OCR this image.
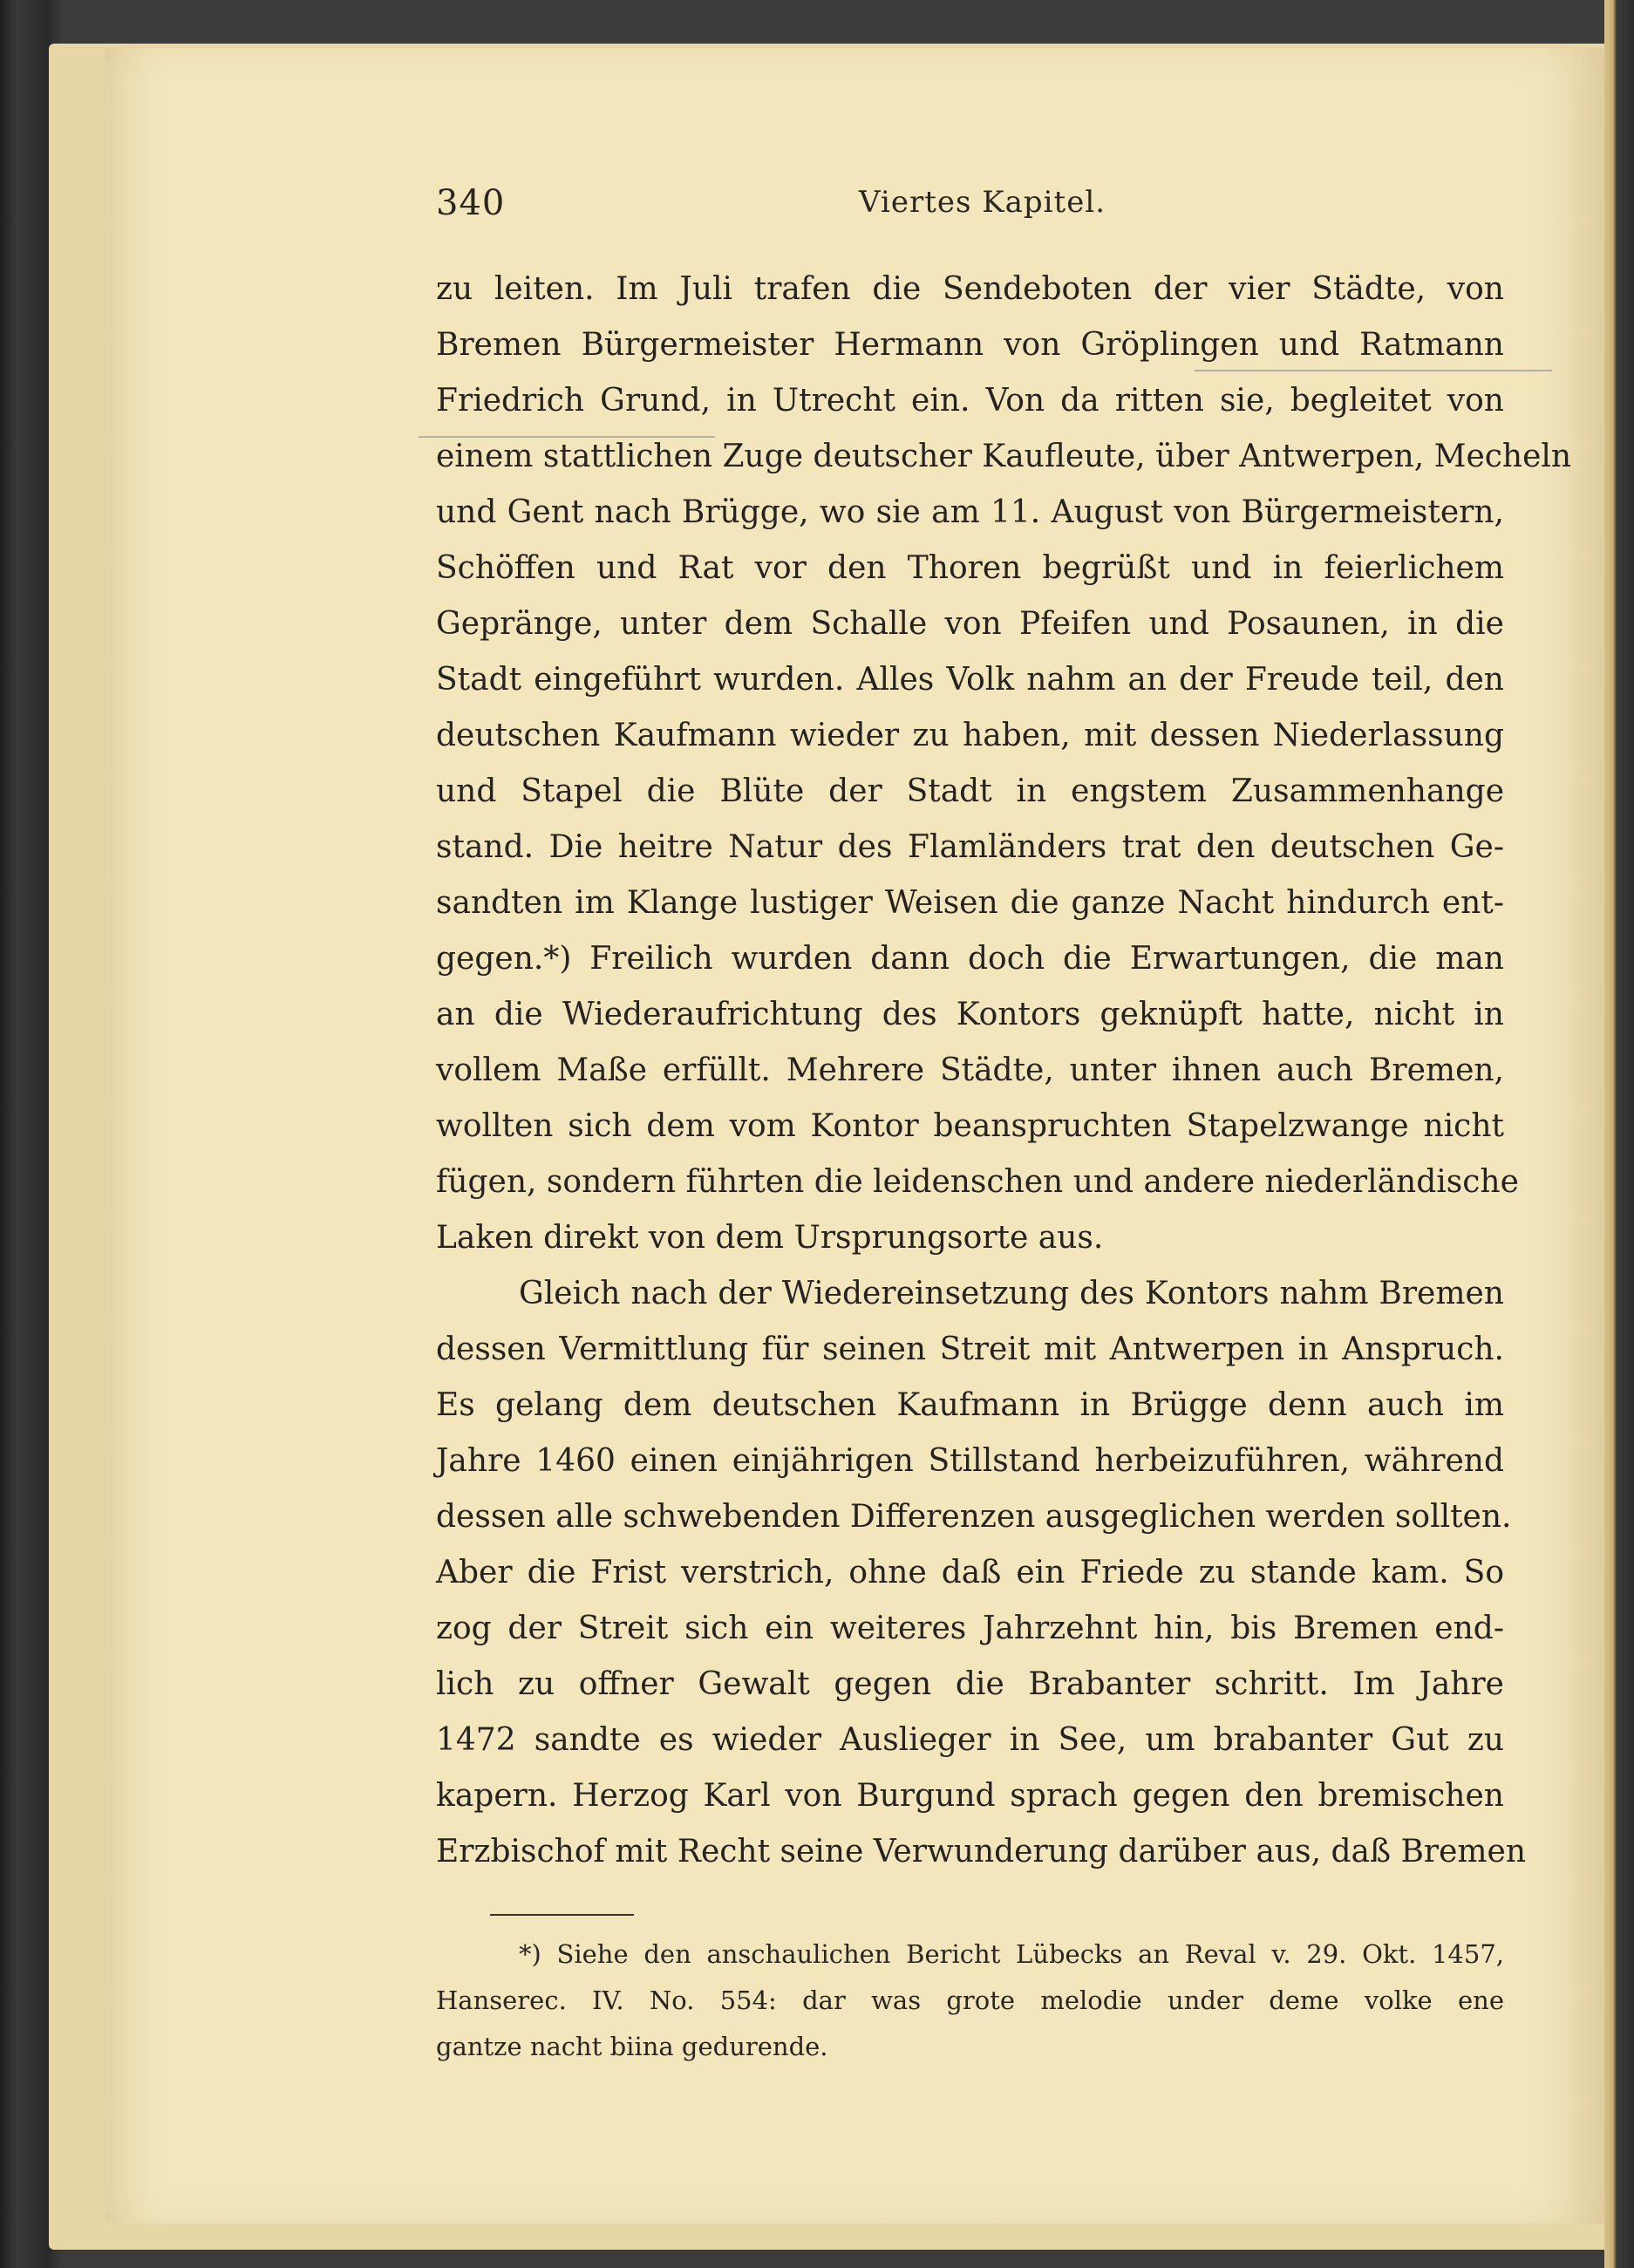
340	Viertes Kapitel.
zu leiten. Im Juli trafen die Sendeboten der vier Städte, von
Bremen Bürgermeister Hermann von Gröplingen und Ratmann
Friedrich Grund, in Utrecht ein. Von da ritten sie, begleitet von
einem stattlichen Zuge deutscher Kaufleute, über Antwerpen, Mecheln
und Gent nach Brügge, wo sie am 11. August von Bürgermeistern,
Schöffen und Rat vor den Thoren begrüßt und in feierlichem
Gepränge, unter dem Schalle von Pfeifen und Posaunen, in die
Stadt eingeführt wurden. Alles Volk nahm an der Freude teil, den
deutschen Kaufmann wieder zu haben, mit dessen Niederlassung
und Stapel die Blüte der Stadt in engstem Zusammenhange
stand. Die heitre Natur des Flamländers trat den deutschen Ge-
sandten im Klange lustiger Weisen die ganze Nacht hindurch ent-
gegen.*) Freilich wurden dann doch die Erwartungen, die man
an die Wiederaufrichtung des Kontors geknüpft hatte, nicht in
vollem Maße erfüllt. Mehrere Städte, unter ihnen auch Bremen,
wollten sich dem vom Kontor beanspruchten Stapelzwange nicht
fügen, sondern führten die leidenschen und andere niederländische
Laken direkt von dem Ursprungsorte aus.
Gleich nach der Wiedereinsetzung des Kontors nahm Bremen
dessen Vermittlung für seinen Streit mit Antwerpen in Anspruch.
Es gelang dem deutschen Kaufmann in Brügge denn auch im
Jahre 1460 einen einjährigen Stillstand herbeizuführen, während
dessen alle schwebenden Differenzen ausgeglichen werden sollten.
Aber die Frist verstrich, ohne daß ein Friede zu stande kam. So
zog der Streit sich ein weiteres Jahrzehnt hin, bis Bremen end-
lich zu offner Gewalt gegen die Brabanter schritt. Im Jahre
1472 sandte es wieder Auslieger in See, um brabanter Gut zu
kapern. Herzog Karl von Burgund sprach gegen den bremischen
Erzbischof mit Recht seine Verwunderung darüber aus, daß Bremen
*) Siehe den anschaulichen Bericht Lübecks an Reval v. 29. Okt. 1457,
Hanserec. IV. No. 554: dar was grote melodie under deme volke ene
gantze nacht biina gedurende.
